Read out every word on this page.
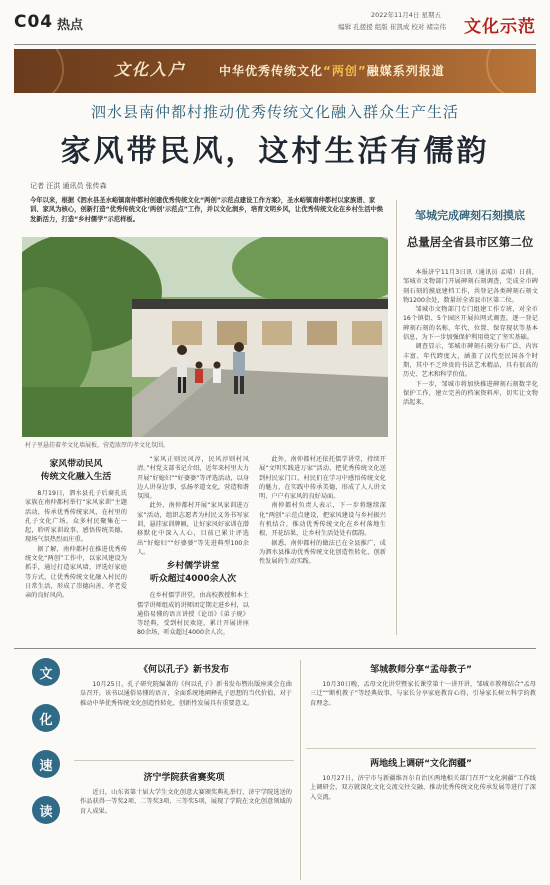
C04 热点
2022年11月4日 星期五
编辑 孔援援 组版 崔凯成 校对 褚宗伟 文化示范
文化入户	中华优秀传统文化“两创”融媒系列报道
泗水县南仲都村推动优秀传统文化融入群众生产生活
家风带民风，这村生活有儒韵
记者 汪洪 通讯员 张传森
今年以来，根据《泗水县圣水峪镇南仲都村创建优秀传统文化“两创”示范点建设工作方案》，圣水峪镇南仲都村以家族谱、家训、家风为核心，创新打造“优秀传统文化‘两创’示范点”工作，并以文化润乡，培育文明乡风，让优秀传统文化在乡村生活中焕发新活力，打造“乡村儒学”示范样板。
村子里悬挂着孝文化墙展板，营造浓厚的孝文化氛围。
家风带动民风
传统文化融入生活

8月19日，泗水县孔子后裔孔氏家族在南仲都村举行“家风家训”主题活动，传承优秀传统家风，在村里的孔子文化广场，众多村民聚集在一起，聆听家训故事，感悟传统美德，现场气氛热烈而庄重。

据了解，南仲都村在推进优秀传统文化“两创”工作中，以家风建设为抓手，通过打造家风墙、评选好家庭等方式，让优秀传统文化融入村民的日常生活，形成了崇德向善、孝老爱亲的良好风尚。

“家风正则民风淳，民风淳则村风清。”村党支部书记介绍，近年来村里大力开展“好媳妇”“好婆婆”等评选活动，以身边人讲身边事，弘扬孝道文化，营造和谐氛围。

此外，南仲都村开展“家风家训进万家”活动，组织志愿者为村民义务书写家训、悬挂家训牌匾，让好家风好家训在潜移默化中深入人心，目前已累计评选出“好媳妇”“好婆婆”等先进典型100余人。

乡村儒学讲堂
听众超过4000余人次

在乡村儒学讲堂，由高校教授和本土儒学讲师组成的讲师团定期走进乡村，以通俗易懂的语言讲授《论语》《弟子规》等经典，受到村民欢迎，累计开展讲座80余场，听众超过4000余人次。

此外，南仲都村还依托儒学讲堂，持续开展“文明实践进万家”活动，把优秀传统文化送到村民家门口，村民们在学习中感悟传统文化的魅力，在实践中传承美德，形成了人人讲文明、户户有家风的良好局面。

南仲都村负责人表示，下一步将继续深化“两创”示范点建设，把家风建设与乡村振兴有机结合，推动优秀传统文化在乡村落地生根、开花结果，让乡村生活处处有儒韵。

据悉，南仲都村的做法已在全县推广，成为泗水县推动优秀传统文化创造性转化、创新性发展的生动实践。

邹城完成碑刻石刻摸底
总量居全省县市区第二位

本报济宁11月3日讯（通讯员 孟晴）日前，邹城市文物部门开展碑刻石刻调查，完成全市碑刻石刻的摸底建档工作，共登记各类碑刻石刻文物1200余处，数量居全省县市区第二位。

邹城市文物部门专门组建工作专班，对全市16个镇街、5个园区开展拉网式调查，逐一登记碑刻石刻的名称、年代、位置、保存现状等基本信息，为下一步加强保护利用奠定了坚实基础。

调查显示，邹城市碑刻石刻分布广泛、内容丰富、年代跨度大，涵盖了汉代至民国各个时期，其中不乏珍贵的书法艺术精品，具有很高的历史、艺术和科学价值。

下一步，邹城市将加快推进碑刻石刻数字化保护工作，建立完善的档案资料库，切实让文物活起来。

文
化
速
读
《何以孔子》新书发布
10月25日，孔子研究院编著的《何以孔子》新书发布暨出版座谈会在曲阜召开。该书以通俗易懂的语言，全面系统地阐释孔子思想的当代价值，对于推动中华优秀传统文化创造性转化、创新性发展具有重要意义。
济宁学院获省赛奖项
近日，山东省第十届大学生文化创意大赛颁奖典礼举行，济宁学院选送的作品获得一等奖2项、二等奖3项、三等奖5项，展现了学院在文化创意领域的育人成果。
邹城教师分享“孟母教子”
10月30日晚，孟母文化讲堂暨家长课堂第十一讲开讲，邹城市教师结合“孟母三迁”“断机教子”等经典故事，与家长分享家庭教育心得，引导家长树立科学的教育理念。
两地线上调研“文化润疆”
10月27日，济宁市与新疆维吾尔自治区两地相关部门召开“文化润疆”工作线上调研会，双方就深化文化交流交往交融、推动优秀传统文化传承发展等进行了深入交流。
